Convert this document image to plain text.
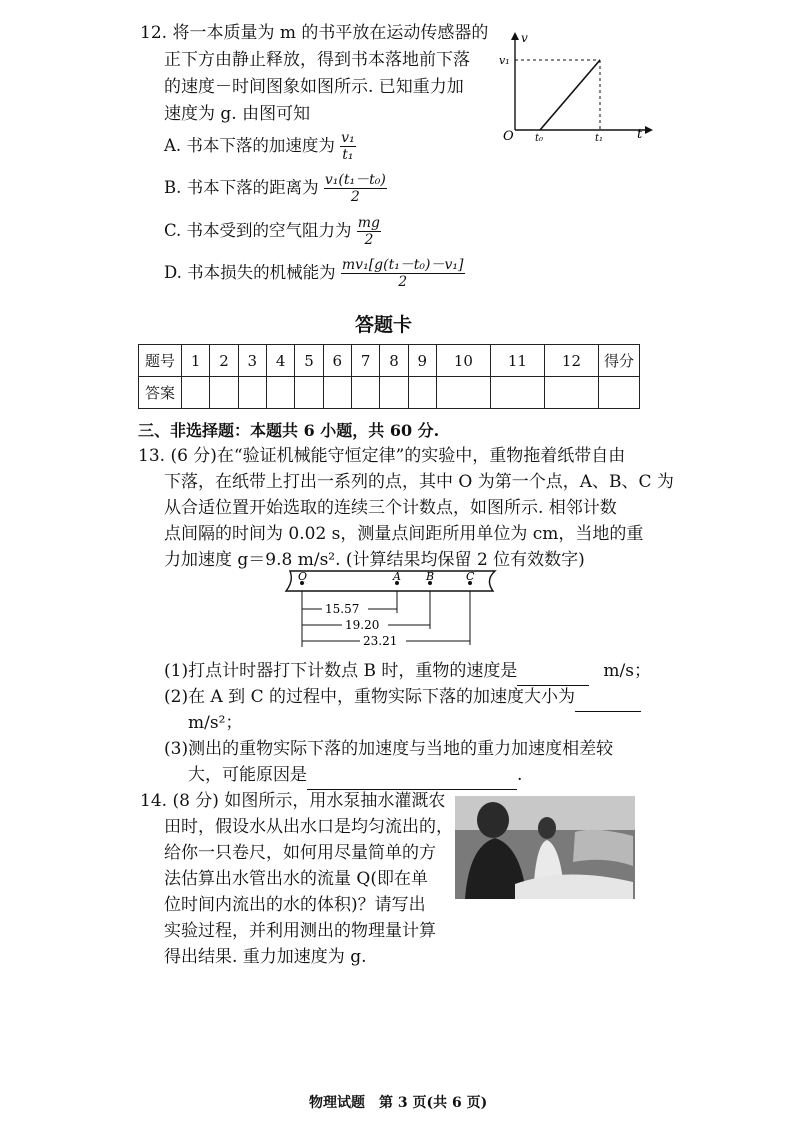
12. 将一本质量为 m 的书平放在运动传感器的
正下方由静止释放，得到书本落地前下落
的速度－时间图象如图所示. 已知重力加
速度为 g. 由图可知
v
v₁
O t₀	t₁	t
A. 书本下落的加速度为 $\frac{\text{v₁}}{\text{t₁}}$
B. 书本下落的距离为 $\frac{\text{v₁(t₁－t₀)}}{2}$
C. 书本受到的空气阻力为 $\frac{mg}{2}$
D. 书本损失的机械能为 $\frac{\text{mv₁[g(t₁－t₀)－v₁]}}{2}$
答题卡
题号	1	2	3	4	5	6	7	8	9	10	11	12	得分
答案													
三、非选择题：本题共 6 小题，共 60 分.
13. (6 分)在“验证机械能守恒定律”的实验中，重物拖着纸带自由
下落，在纸带上打出一系列的点，其中 O 为第一个点，A、B、C 为
从合适位置开始选取的连续三个计数点，如图所示. 相邻计数
点间隔的时间为 0.02 s，测量点间距所用单位为 cm，当地的重
力加速度 g＝9.8 m/s². (计算结果均保留 2 位有效数字)
O	A B	C
15.57
19.20
23.21
(1)打点计时器打下计数点 B 时，重物的速度是	m/s；
(2)在 A 到 C 的过程中，重物实际下落的加速度大小为
m/s²；
(3)测出的重物实际下落的加速度与当地的重力加速度相差较
大，可能原因是	.
14. (8 分) 如图所示，用水泵抽水灌溉农
田时，假设水从出水口是均匀流出的，
给你一只卷尺，如何用尽量简单的方
法估算出水管出水的流量 Q(即在单
位时间内流出的水的体积)？请写出
实验过程，并利用测出的物理量计算
得出结果. 重力加速度为 g.
物理试题　第 3 页(共 6 页)
